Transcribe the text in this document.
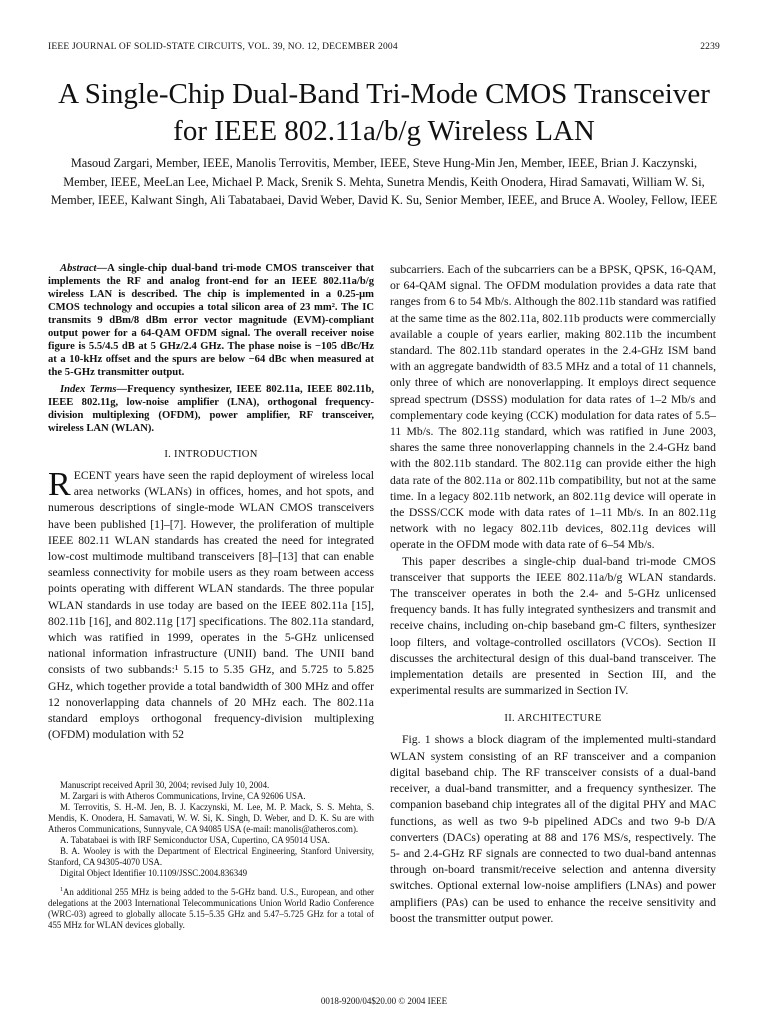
IEEE JOURNAL OF SOLID-STATE CIRCUITS, VOL. 39, NO. 12, DECEMBER 2004	2239
A Single-Chip Dual-Band Tri-Mode CMOS Transceiver for IEEE 802.11a/b/g Wireless LAN
Masoud Zargari, Member, IEEE, Manolis Terrovitis, Member, IEEE, Steve Hung-Min Jen, Member, IEEE, Brian J. Kaczynski, Member, IEEE, MeeLan Lee, Michael P. Mack, Srenik S. Mehta, Sunetra Mendis, Keith Onodera, Hirad Samavati, William W. Si, Member, IEEE, Kalwant Singh, Ali Tabatabaei, David Weber, David K. Su, Senior Member, IEEE, and Bruce A. Wooley, Fellow, IEEE

Abstract—A single-chip dual-band tri-mode CMOS transceiver that implements the RF and analog front-end for an IEEE 802.11a/b/g wireless LAN is described. The chip is implemented in a 0.25-μm CMOS technology and occupies a total silicon area of 23 mm². The IC transmits 9 dBm/8 dBm error vector magnitude (EVM)-compliant output power for a 64-QAM OFDM signal. The overall receiver noise figure is 5.5/4.5 dB at 5 GHz/2.4 GHz. The phase noise is −105 dBc/Hz at a 10-kHz offset and the spurs are below −64 dBc when measured at the 5-GHz transmitter output.

Index Terms—Frequency synthesizer, IEEE 802.11a, IEEE 802.11b, IEEE 802.11g, low-noise amplifier (LNA), orthogonal frequency-division multiplexing (OFDM), power amplifier, RF transceiver, wireless LAN (WLAN).

I. INTRODUCTION

RECENT years have seen the rapid deployment of wireless local area networks (WLANs) in offices, homes, and hot spots, and numerous descriptions of single-mode WLAN CMOS transceivers have been published [1]–[7]. However, the proliferation of multiple IEEE 802.11 WLAN standards has created the need for integrated low-cost multimode multiband transceivers [8]–[13] that can enable seamless connectivity for mobile users as they roam between access points operating with different WLAN standards. The three popular WLAN standards in use today are based on the IEEE 802.11a [15], 802.11b [16], and 802.11g [17] specifications. The 802.11a standard, which was ratified in 1999, operates in the 5-GHz unlicensed national information infrastructure (UNII) band. The UNII band consists of two subbands:¹ 5.15 to 5.35 GHz, and 5.725 to 5.825 GHz, which together provide a total bandwidth of 300 MHz and offer 12 nonoverlapping data channels of 20 MHz each. The 802.11a standard employs orthogonal frequency-division multiplexing (OFDM) modulation with 52

Manuscript received April 30, 2004; revised July 10, 2004.

M. Zargari is with Atheros Communications, Irvine, CA 92606 USA.

M. Terrovitis, S. H.-M. Jen, B. J. Kaczynski, M. Lee, M. P. Mack, S. S. Mehta, S. Mendis, K. Onodera, H. Samavati, W. W. Si, K. Singh, D. Weber, and D. K. Su are with Atheros Communications, Sunnyvale, CA 94085 USA (e-mail: manolis@atheros.com).

A. Tabatabaei is with IRF Semiconductor USA, Cupertino, CA 95014 USA.

B. A. Wooley is with the Department of Electrical Engineering, Stanford University, Stanford, CA 94305-4070 USA.

Digital Object Identifier 10.1109/JSSC.2004.836349

$^1$An additional 255 MHz is being added to the 5-GHz band. U.S., European, and other delegations at the 2003 International Telecommunications Union World Radio Conference (WRC-03) agreed to globally allocate 5.15–5.35 GHz and 5.47–5.725 GHz for a total of 455 MHz for WLAN devices globally.

subcarriers. Each of the subcarriers can be a BPSK, QPSK, 16-QAM, or 64-QAM signal. The OFDM modulation provides a data rate that ranges from 6 to 54 Mb/s. Although the 802.11b standard was ratified at the same time as the 802.11a, 802.11b products were commercially available a couple of years earlier, making 802.11b the incumbent standard. The 802.11b standard operates in the 2.4-GHz ISM band with an aggregate bandwidth of 83.5 MHz and a total of 11 channels, only three of which are nonoverlapping. It employs direct sequence spread spectrum (DSSS) modulation for data rates of 1–2 Mb/s and complementary code keying (CCK) modulation for data rates of 5.5–11 Mb/s. The 802.11g standard, which was ratified in June 2003, shares the same three nonoverlapping channels in the 2.4-GHz band with the 802.11b standard. The 802.11g can provide either the high data rate of the 802.11a or 802.11b compatibility, but not at the same time. In a legacy 802.11b network, an 802.11g device will operate in the DSSS/CCK mode with data rates of 1–11 Mb/s. In an 802.11g network with no legacy 802.11b devices, 802.11g devices will operate in the OFDM mode with data rate of 6–54 Mb/s.

This paper describes a single-chip dual-band tri-mode CMOS transceiver that supports the IEEE 802.11a/b/g WLAN standards. The transceiver operates in both the 2.4- and 5-GHz unlicensed frequency bands. It has fully integrated synthesizers and transmit and receive chains, including on-chip baseband gm-C filters, synthesizer loop filters, and voltage-controlled oscillators (VCOs). Section II discusses the architectural design of this dual-band transceiver. The implementation details are presented in Section III, and the experimental results are summarized in Section IV.

II. ARCHITECTURE

Fig. 1 shows a block diagram of the implemented multi-standard WLAN system consisting of an RF transceiver and a companion digital baseband chip. The RF transceiver consists of a dual-band receiver, a dual-band transmitter, and a frequency synthesizer. The companion baseband chip integrates all of the digital PHY and MAC functions, as well as two 9-b pipelined ADCs and two 9-b D/A converters (DACs) operating at 88 and 176 MS/s, respectively. The 5- and 2.4-GHz RF signals are connected to two dual-band antennas through on-board transmit/receive selection and antenna diversity switches. Optional external low-noise amplifiers (LNAs) and power amplifiers (PAs) can be used to enhance the receive sensitivity and boost the transmitter output power.

0018-9200/04$20.00 © 2004 IEEE
